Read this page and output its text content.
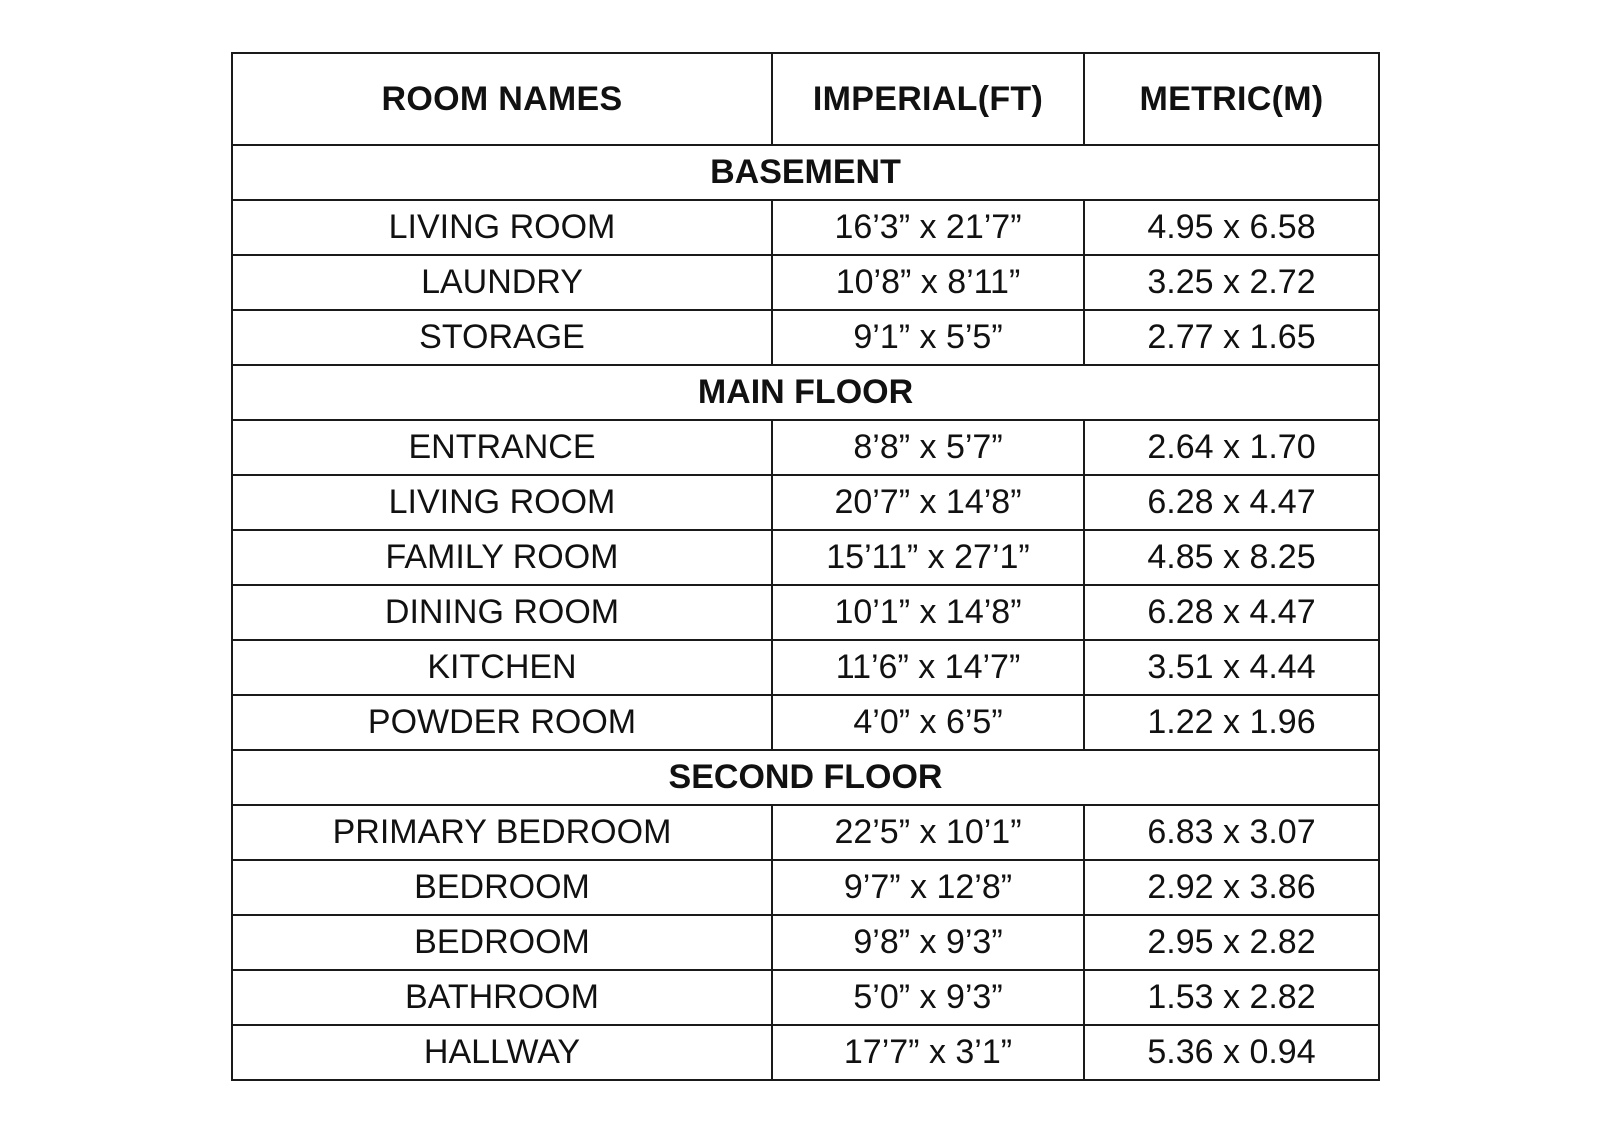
ROOM NAMES	IMPERIAL(FT)	METRIC(M)
BASEMENT		
LIVING ROOM	16’3” x 21’7”	4.95 x 6.58
LAUNDRY	10’8” x 8’11”	3.25 x 2.72
STORAGE	9’1” x 5’5”	2.77 x 1.65
MAIN FLOOR		
ENTRANCE	8’8” x 5’7”	2.64 x 1.70
LIVING ROOM	20’7” x 14’8”	6.28 x 4.47
FAMILY ROOM	15’11” x 27’1”	4.85 x 8.25
DINING ROOM	10’1” x 14’8”	6.28 x 4.47
KITCHEN	11’6” x 14’7”	3.51 x 4.44
POWDER ROOM	4’0” x 6’5”	1.22 x 1.96
SECOND FLOOR		
PRIMARY BEDROOM	22’5” x 10’1”	6.83 x 3.07
BEDROOM	9’7” x 12’8”	2.92 x 3.86
BEDROOM	9’8” x 9’3”	2.95 x 2.82
BATHROOM	5’0” x 9’3”	1.53 x 2.82
HALLWAY	17’7” x 3’1”	5.36 x 0.94
